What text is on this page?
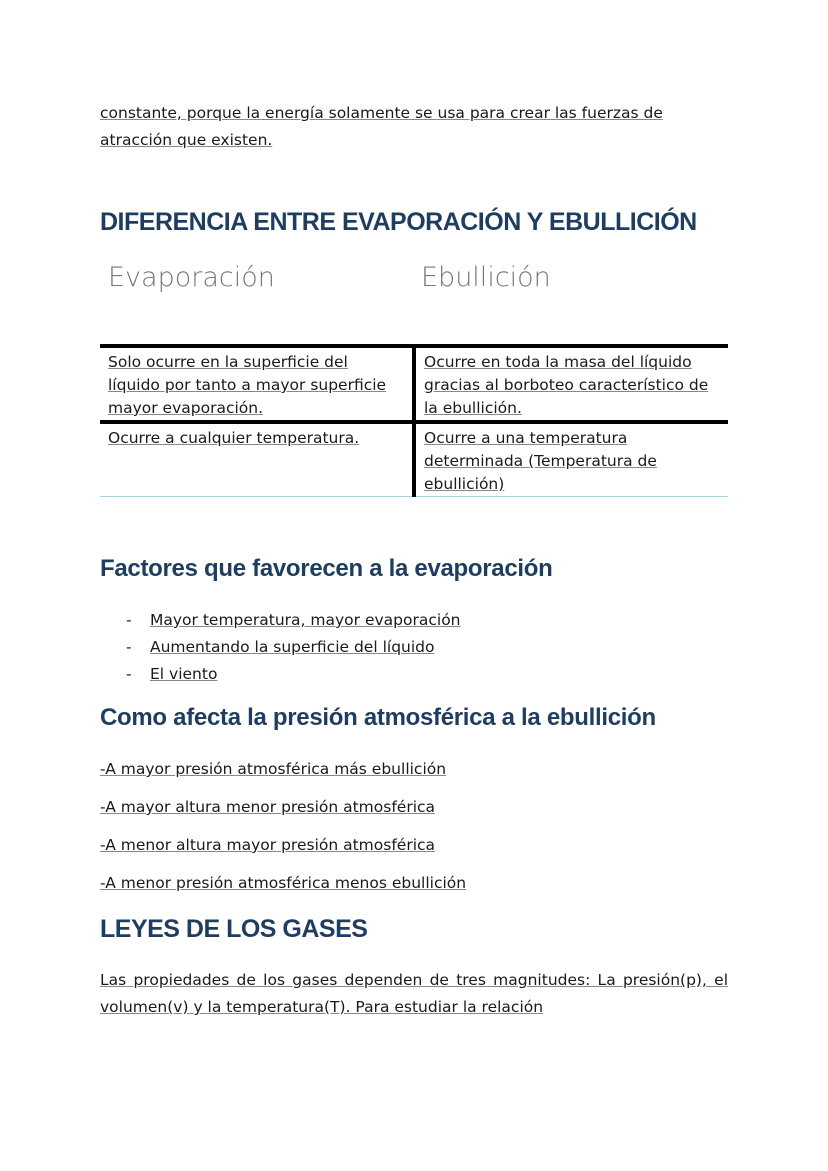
constante, porque la energía solamente se usa para crear las fuerzas de atracción que existen.
DIFERENCIA ENTRE EVAPORACIÓN Y EBULLICIÓN
Evaporación	Ebullición
Solo ocurre en la superficie del líquido por tanto a mayor superficie mayor evaporación.	Ocurre en toda la masa del líquido gracias al borboteo característico de la ebullición.
Ocurre a cualquier temperatura.	Ocurre a una temperatura determinada (Temperatura de ebullición)
Factores que favorecen a la evaporación
- Mayor temperatura, mayor evaporación
- Aumentando la superficie del líquido
- El viento
Como afecta la presión atmosférica a la ebullición
-A mayor presión atmosférica más ebullición
-A mayor altura menor presión atmosférica
-A menor altura mayor presión atmosférica
-A menor presión atmosférica menos ebullición
LEYES DE LOS GASES
Las propiedades de los gases dependen de tres magnitudes: La presión(p), el volumen(v) y la temperatura(T). Para estudiar la relación
